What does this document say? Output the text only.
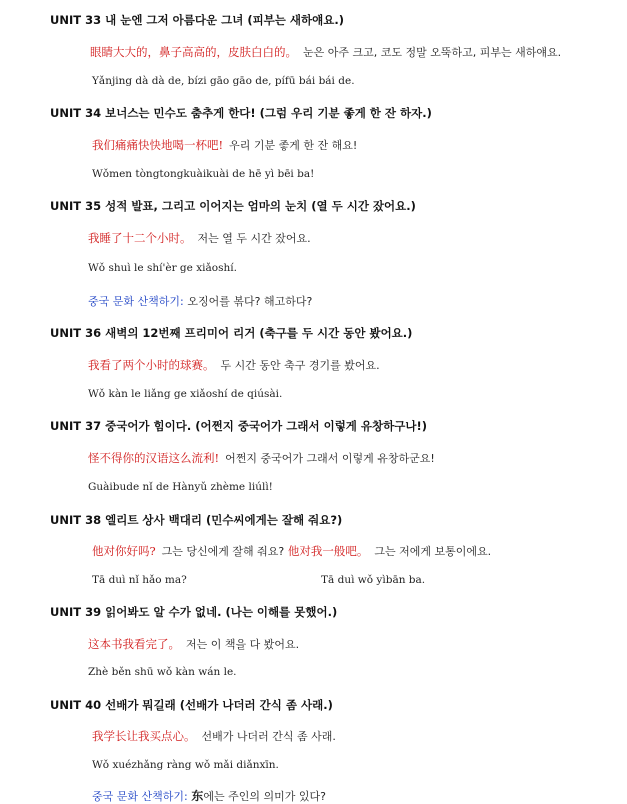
UNIT 33 내 눈엔 그저 아름다운 그녀 (피부는 새하얘요.)
眼睛大大的，鼻子高高的，皮肤白白的。 눈은 아주 크고, 코도 정말 오뚝하고, 피부는 새하얘요.
Yǎnjing dà dà de, bízi gāo gāo de, pífū bái bái de.
UNIT 34 보너스는 민수도 춤추게 한다! (그럼 우리 기분 좋게 한 잔 하자.)
我们痛痛快快地喝一杯吧! 우리 기분 좋게 한 잔 해요!
Wǒmen tòngtongkuàikuài de hē yì bēi ba!
UNIT 35 성적 발표, 그리고 이어지는 엄마의 눈치 (열 두 시간 잤어요.)
我睡了十二个小时。 저는 열 두 시간 잤어요.
Wǒ shuì le shí'èr ge xiǎoshí.
중국 문화 산책하기: 오징어를 볶다? 해고하다?
UNIT 36 새벽의 12번째 프리미어 리거 (축구를 두 시간 동안 봤어요.)
我看了两个小时的球赛。 두 시간 동안 축구 경기를 봤어요.
Wǒ kàn le liǎng ge xiǎoshí de qiúsài.
UNIT 37 중국어가 힘이다. (어쩐지 중국어가 그래서 이렇게 유창하구나!)
怪不得你的汉语这么流利! 어쩐지 중국어가 그래서 이렇게 유창하군요!
Guàibude nǐ de Hànyǔ zhème liúlì!
UNIT 38 엘리트 상사 백대리 (민수씨에게는 잘해 줘요?)
他对你好吗? 그는 당신에게 잘해 줘요? 他对我一般吧。 그는 저에게 보통이에요.
Tā duì nǐ hǎo ma?	Tā duì wǒ yìbān ba.
UNIT 39 읽어봐도 알 수가 없네. (나는 이해를 못했어.)
这本书我看完了。 저는 이 책을 다 봤어요.
Zhè běn shū wǒ kàn wán le.
UNIT 40 선배가 뭐길래 (선배가 나더러 간식 좀 사래.)
我学长让我买点心。 선배가 나더러 간식 좀 사래.
Wǒ xuézhǎng ràng wǒ mǎi diǎnxīn.
중국 문화 산책하기: 东에는 주인의 의미가 있다?
